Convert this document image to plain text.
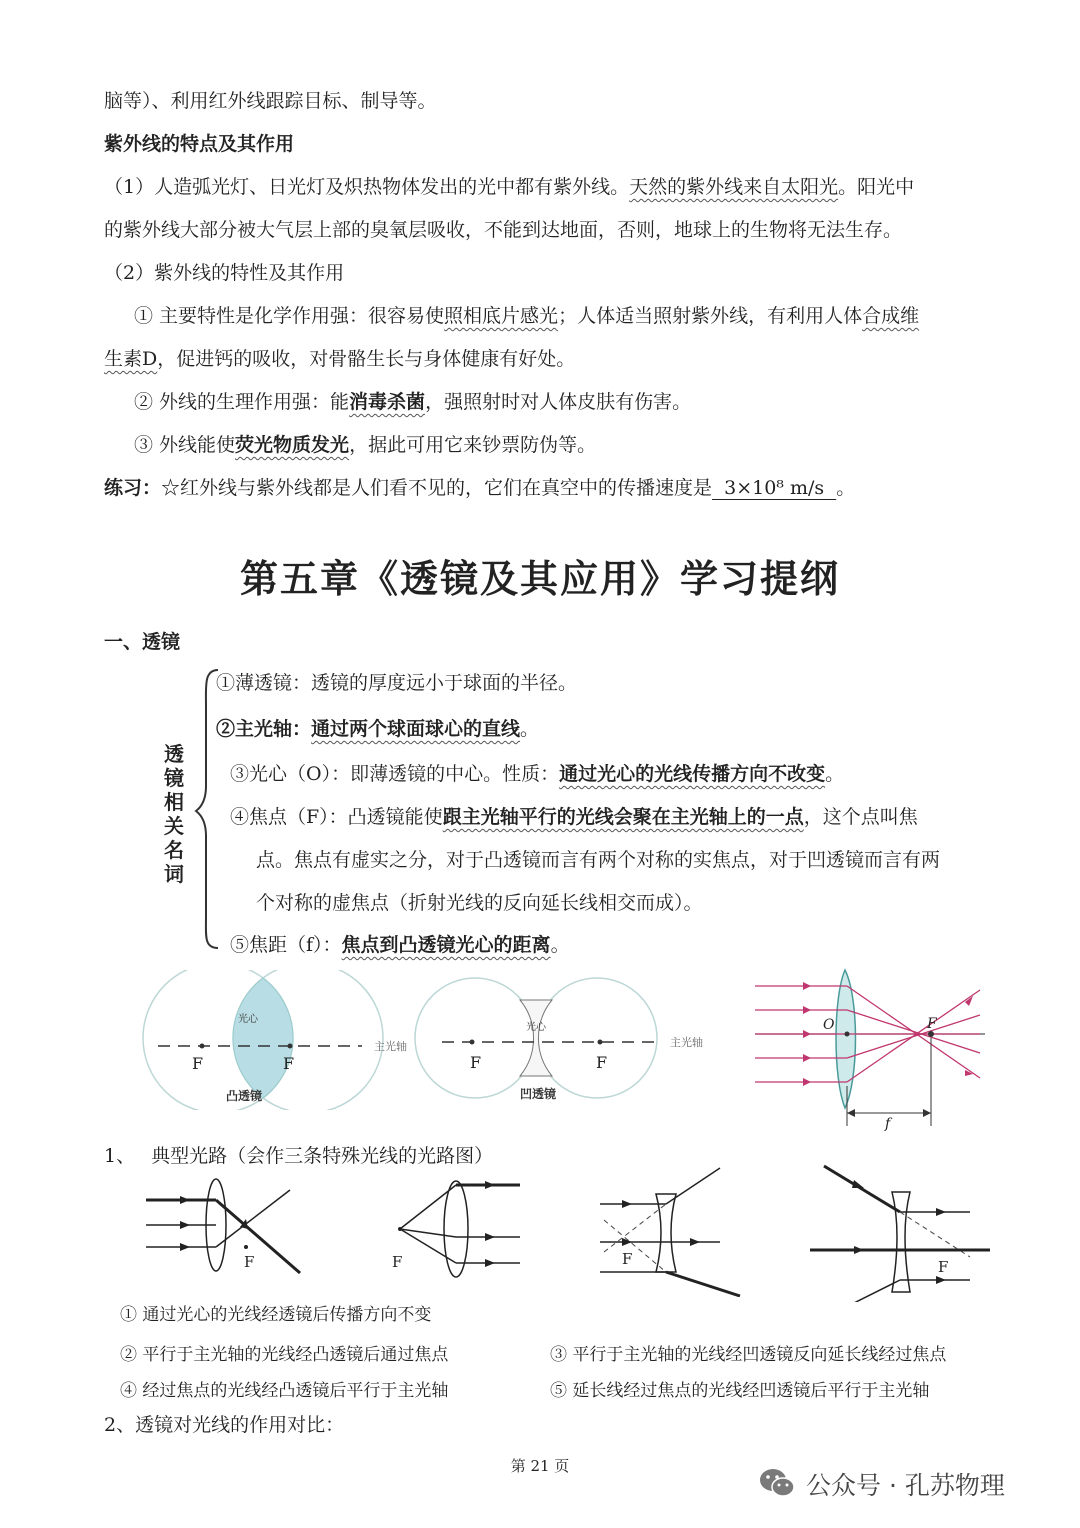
脑等）、利用红外线跟踪目标、制导等。
紫外线的特点及其作用
（1）人造弧光灯、日光灯及炽热物体发出的光中都有紫外线。天然的紫外线来自太阳光。阳光中
的紫外线大部分被大气层上部的臭氧层吸收，不能到达地面，否则，地球上的生物将无法生存。
（2）紫外线的特性及其作用
① 主要特性是化学作用强：很容易使照相底片感光；人体适当照射紫外线，有利用人体合成维
生素D，促进钙的吸收，对骨骼生长与身体健康有好处。
② 外线的生理作用强：能消毒杀菌，强照射时对人体皮肤有伤害。
③ 外线能使荧光物质发光，据此可用它来钞票防伪等。
练习：☆红外线与紫外线都是人们看不见的，它们在真空中的传播速度是  3×10⁸ m/s  。
第五章《透镜及其应用》学习提纲
一、透镜
透镜相关名词
①薄透镜：透镜的厚度远小于球面的半径。
②主光轴：通过两个球面球心的直线。
③光心（O）：即薄透镜的中心。性质：通过光心的光线传播方向不改变。
④焦点（F）：凸透镜能使跟主光轴平行的光线会聚在主光轴上的一点，这个点叫焦
点。焦点有虚实之分，对于凸透镜而言有两个对称的实焦点，对于凹透镜而言有两
个对称的虚焦点（折射光线的反向延长线相交而成）。
⑤焦距（f）：焦点到凸透镜光心的距离。
光心
F	F
主光轴
凸透镜
光心
F	F
主光轴
凹透镜
O	F
f
1、 典型光路（会作三条特殊光线的光路图）
F	F	F	F
① 通过光心的光线经透镜后传播方向不变
② 平行于主光轴的光线经凸透镜后通过焦点	③ 平行于主光轴的光线经凹透镜反向延长线经过焦点
④ 经过焦点的光线经凸透镜后平行于主光轴	⑤ 延长线经过焦点的光线经凹透镜后平行于主光轴
2、透镜对光线的作用对比：
第 21 页
公众号 · 孔苏物理
